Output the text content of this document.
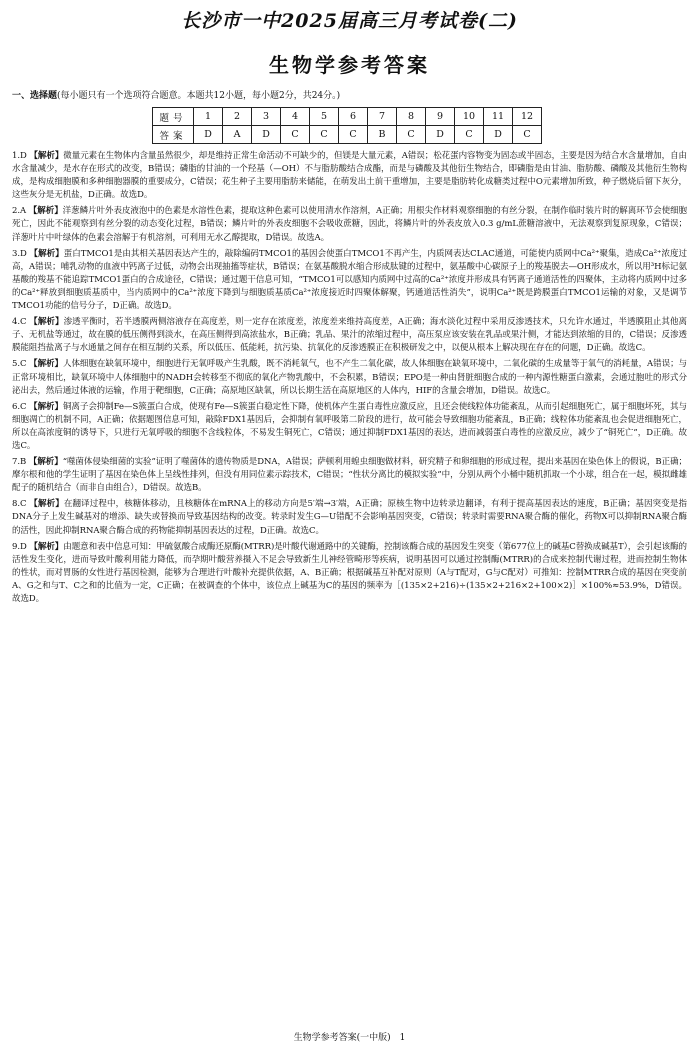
长沙市一中2025届高三月考试卷(二)
生物学参考答案
一、选择题(每小题只有一个选项符合题意。本题共12小题，每小题2分，共24分。)
题号	1	2	3	4	5	6	7	8	9	10	11	12
答案	D	A	D	C	C	C	B	C	D	C	D	C

1.D 【解析】微量元素在生物体内含量虽然很少，却是维持正常生命活动不可缺少的，但镁是大量元素，A错误；松花蛋内容物变为固态或半固态，主要是因为结合水含量增加，自由水含量减少，是水存在形式的改变，B错误；磷脂的甘油的一个羟基（—OH）不与脂肪酸结合成酯，而是与磷酸及其他衍生物结合，即磷脂是由甘油、脂肪酸、磷酸及其他衍生物构成，是构成细胞膜和多种细胞器膜的重要成分，C错误；花生种子主要用脂肪来储能，在萌发出土前干重增加，主要是脂肪转化成糖类过程中O元素增加所致，种子燃烧后留下灰分，这些灰分是无机盐，D正确。故选D。

2.A 【解析】洋葱鳞片叶外表皮液泡中的色素是水溶性色素，提取这种色素可以使用清水作溶剂，A正确；用根尖作材料观察细胞的有丝分裂，在制作临时装片时的解离环节会使细胞死亡，因此不能观察到有丝分裂的动态变化过程，B错误；鳞片叶的外表皮细胞不会吸收蔗糖，因此，将鳞片叶的外表皮放入0.3 g/mL蔗糖溶液中，无法观察到复原现象，C错误；洋葱叶片中叶绿体的色素会溶解于有机溶剂，可利用无水乙醇提取，D错误。故选A。

3.D 【解析】蛋白TMCO1是由其相关基因表达产生的，敲除编码TMCO1的基因会使蛋白TMCO1不再产生，内质网表达CLAC通道，可能使内质网中Ca²⁺聚集，造成Ca²⁺浓度过高，A错误；哺乳动物的血液中钙离子过低，动物会出现抽搐等症状，B错误；在氨基酸脱水缩合形成肽键的过程中，氨基酸中心碳原子上的羧基脱去—OH形成水，所以用³H标记氨基酸的羧基不能追踪TMCO1蛋白的合成途径，C错误；通过题干信息可知，“TMCO1可以感知内质网中过高的Ca²⁺浓度并形成具有钙离子通道活性的四聚体，主动将内质网中过多的Ca²⁺释放到细胞质基质中，当内质网中的Ca²⁺浓度下降到与细胞质基质Ca²⁺浓度接近时四聚体解聚，钙通道活性消失”，说明Ca²⁺既是跨膜蛋白TMCO1运输的对象，又是调节TMCO1功能的信号分子，D正确。故选D。

4.C 【解析】渗透平衡时，若半透膜两侧溶液存在高度差，则一定存在浓度差，浓度差来维持高度差，A正确；海水淡化过程中采用反渗透技术，只允许水通过，半透膜阻止其他离子、无机盐等通过，故在膜的低压侧得到淡水，在高压侧得到高浓盐水，B正确；乳品、果汁的浓缩过程中，高压泵应该安装在乳品或果汁侧，才能达到浓缩的目的，C错误；反渗透膜能阻挡盐离子与水通量之间存在相互制约关系，所以低压、低能耗，抗污染、抗氧化的反渗透膜正在积极研发之中，以便从根本上解决现在存在的问题，D正确。故选C。

5.C 【解析】人体细胞在缺氧环境中，细胞进行无氧呼吸产生乳酸，既不消耗氧气，也不产生二氧化碳，故人体细胞在缺氧环境中，二氧化碳的生成量等于氧气的消耗量，A错误；与正常环境相比，缺氧环境中人体细胞中的NADH会转移至不彻底的氧化产物乳酸中，不会积累，B错误；EPO是一种由肾脏细胞合成的一种内源性糖蛋白激素，会通过胞吐的形式分泌出去，然后通过体液的运输，作用于靶细胞，C正确；高原地区缺氧，所以长期生活在高原地区的人体内，HIF的含量会增加，D错误。故选C。

6.C 【解析】铜离子会抑制Fe—S簇蛋白合成，使现有Fe—S簇蛋白稳定性下降，使机体产生蛋白毒性应激反应，且还会使线粒体功能紊乱，从而引起细胞死亡，属于细胞坏死，其与细胞凋亡的机制不同，A正确；依据题图信息可知，敲除FDX1基因后，会抑制有氧呼吸第二阶段的进行，故可能会导致细胞功能紊乱，B正确；线粒体功能紊乱也会促进细胞死亡，所以在高浓度铜的诱导下，只进行无氧呼吸的细胞不含线粒体，不易发生铜死亡，C错误；通过抑制FDX1基因的表达，进而减弱蛋白毒性的应激反应，减少了“铜死亡”，D正确。故选C。

7.B 【解析】“噬菌体侵染细菌的实验”证明了噬菌体的遗传物质是DNA，A错误；萨顿利用蝗虫细胞做材料，研究精子和卵细胞的形成过程，提出来基因在染色体上的假说，B正确；摩尔根和他的学生证明了基因在染色体上呈线性排列，但没有用同位素示踪技术，C错误；“性状分离比的模拟实验”中，分别从两个小桶中随机抓取一个小球，组合在一起，模拟雌雄配子的随机结合（而非自由组合），D错误。故选B。

8.C 【解析】在翻译过程中，核糖体移动，且核糖体在mRNA上的移动方向是5′端→3′端，A正确；原核生物中边转录边翻译，有利于提高基因表达的速度，B正确；基因突变是指DNA分子上发生碱基对的增添、缺失或替换而导致基因结构的改变。转录时发生G—U错配不会影响基因突变，C错误；转录时需要RNA聚合酶的催化，药物X可以抑制RNA聚合酶的活性，因此抑制RNA聚合酶合成的药物能抑制基因表达的过程，D正确。故选C。

9.D 【解析】由题意和表中信息可知：甲硫氨酸合成酶还原酶(MTRR)是叶酸代谢通路中的关键酶，控制该酶合成的基因发生突变（第677位上的碱基C替换成碱基T），会引起该酶的活性发生变化，进而导致叶酸利用能力降低，而孕期叶酸营养摄入不足会导致新生儿神经管畸形等疾病，说明基因可以通过控制酶(MTRR)的合成来控制代谢过程，进而控制生物体的性状，而对胃肠的女性进行基因检测，能够为合理进行叶酸补充提供依据，A、B正确；根据碱基互补配对原则（A与T配对，G与C配对）可推知：控制MTRR合成的基因在突变前A、G之和与T、C之和的比值为一定，C正确；在被调查的个体中，该位点上碱基为C的基因的频率为［(135×2+216)÷(135×2+216×2+100×2)］×100%≈53.9%，D错误。故选D。

生物学参考答案(一中版)　1
